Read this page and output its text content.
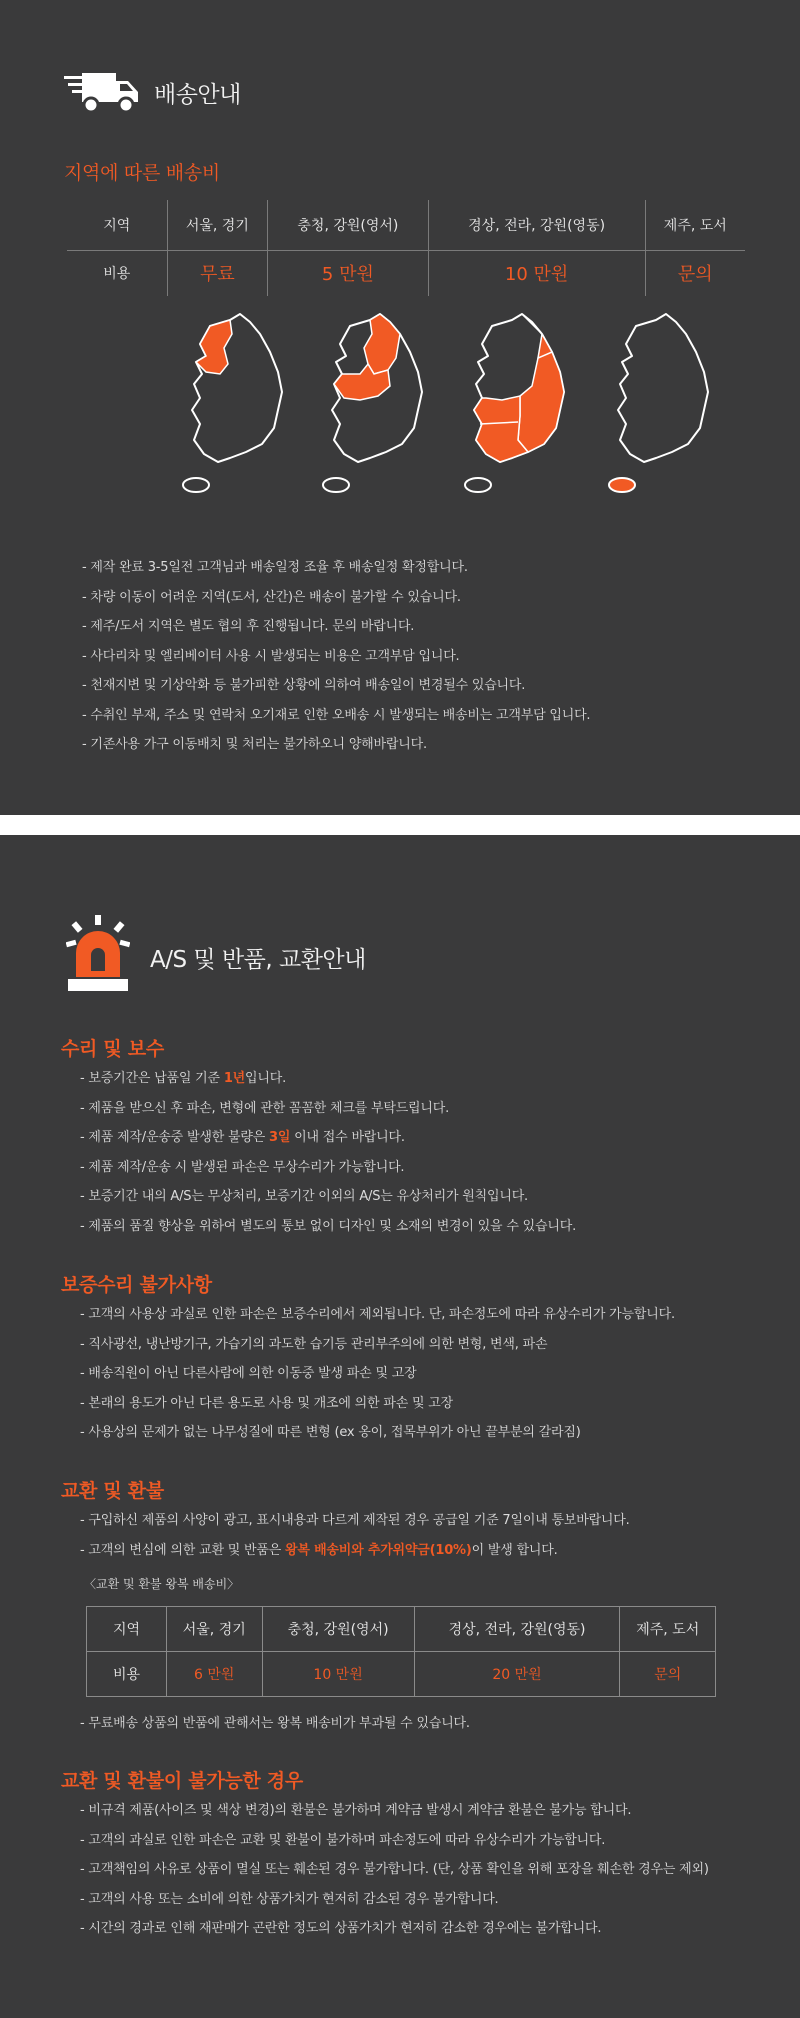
배송안내
지역에 따른 배송비
지역	서울, 경기	충청, 강원(영서)	경상, 전라, 강원(영동)	제주, 도서
비용	무료	5 만원	10 만원	문의
- 제작 완료 3-5일전 고객님과 배송일정 조율 후 배송일정 확정합니다.
- 차량 이동이 어려운 지역(도서, 산간)은 배송이 불가할 수 있습니다.
- 제주/도서 지역은 별도 협의 후 진행됩니다. 문의 바랍니다.
- 사다리차 및 엘리베이터 사용 시 발생되는 비용은 고객부담 입니다.
- 천재지변 및 기상악화 등 불가피한 상황에 의하여 배송일이 변경될수 있습니다.
- 수취인 부재, 주소 및 연락처 오기재로 인한 오배송 시 발생되는 배송비는 고객부담 입니다.
- 기존사용 가구 이동배치 및 처리는 불가하오니 양해바랍니다.
A/S 및 반품, 교환안내
수리 및 보수
- 보증기간은 납품일 기준 1년입니다.
- 제품을 받으신 후 파손, 변형에 관한 꼼꼼한 체크를 부탁드립니다.
- 제품 제작/운송중 발생한 불량은 3일 이내 접수 바랍니다.
- 제품 제작/운송 시 발생된 파손은 무상수리가 가능합니다.
- 보증기간 내의 A/S는 무상처리, 보증기간 이외의 A/S는 유상처리가 원칙입니다.
- 제품의 품질 향상을 위하여 별도의 통보 없이 디자인 및 소재의 변경이 있을 수 있습니다.
보증수리 불가사항
- 고객의 사용상 과실로 인한 파손은 보증수리에서 제외됩니다. 단, 파손정도에 따라 유상수리가 가능합니다.
- 직사광선, 냉난방기구, 가습기의 과도한 습기등 관리부주의에 의한 변형, 변색, 파손
- 배송직원이 아닌 다른사람에 의한 이동중 발생 파손 및 고장
- 본래의 용도가 아닌 다른 용도로 사용 및 개조에 의한 파손 및 고장
- 사용상의 문제가 없는 나무성질에 따른 변형 (ex 옹이, 접목부위가 아닌 끝부분의 갈라짐)
교환 및 환불
- 구입하신 제품의 사양이 광고, 표시내용과 다르게 제작된 경우 공급일 기준 7일이내 통보바랍니다.
- 고객의 변심에 의한 교환 및 반품은 왕복 배송비와 추가위약금(10%)이 발생 합니다.
〈교환 및 환불 왕복 배송비〉
지역	서울, 경기	충청, 강원(영서)	경상, 전라, 강원(영동)	제주, 도서
비용	6 만원	10 만원	20 만원	문의
- 무료배송 상품의 반품에 관해서는 왕복 배송비가 부과될 수 있습니다.
교환 및 환불이 불가능한 경우
- 비규격 제품(사이즈 및 색상 변경)의 환불은 불가하며 계약금 발생시 계약금 환불은 불가능 합니다.
- 고객의 과실로 인한 파손은 교환 및 환불이 불가하며 파손정도에 따라 유상수리가 가능합니다.
- 고객책임의 사유로 상품이 멸실 또는 훼손된 경우 불가합니다. (단, 상품 확인을 위해 포장을 훼손한 경우는 제외)
- 고객의 사용 또는 소비에 의한 상품가치가 현저히 감소된 경우 불가합니다.
- 시간의 경과로 인해 재판매가 곤란한 정도의 상품가치가 현저히 감소한 경우에는 불가합니다.
